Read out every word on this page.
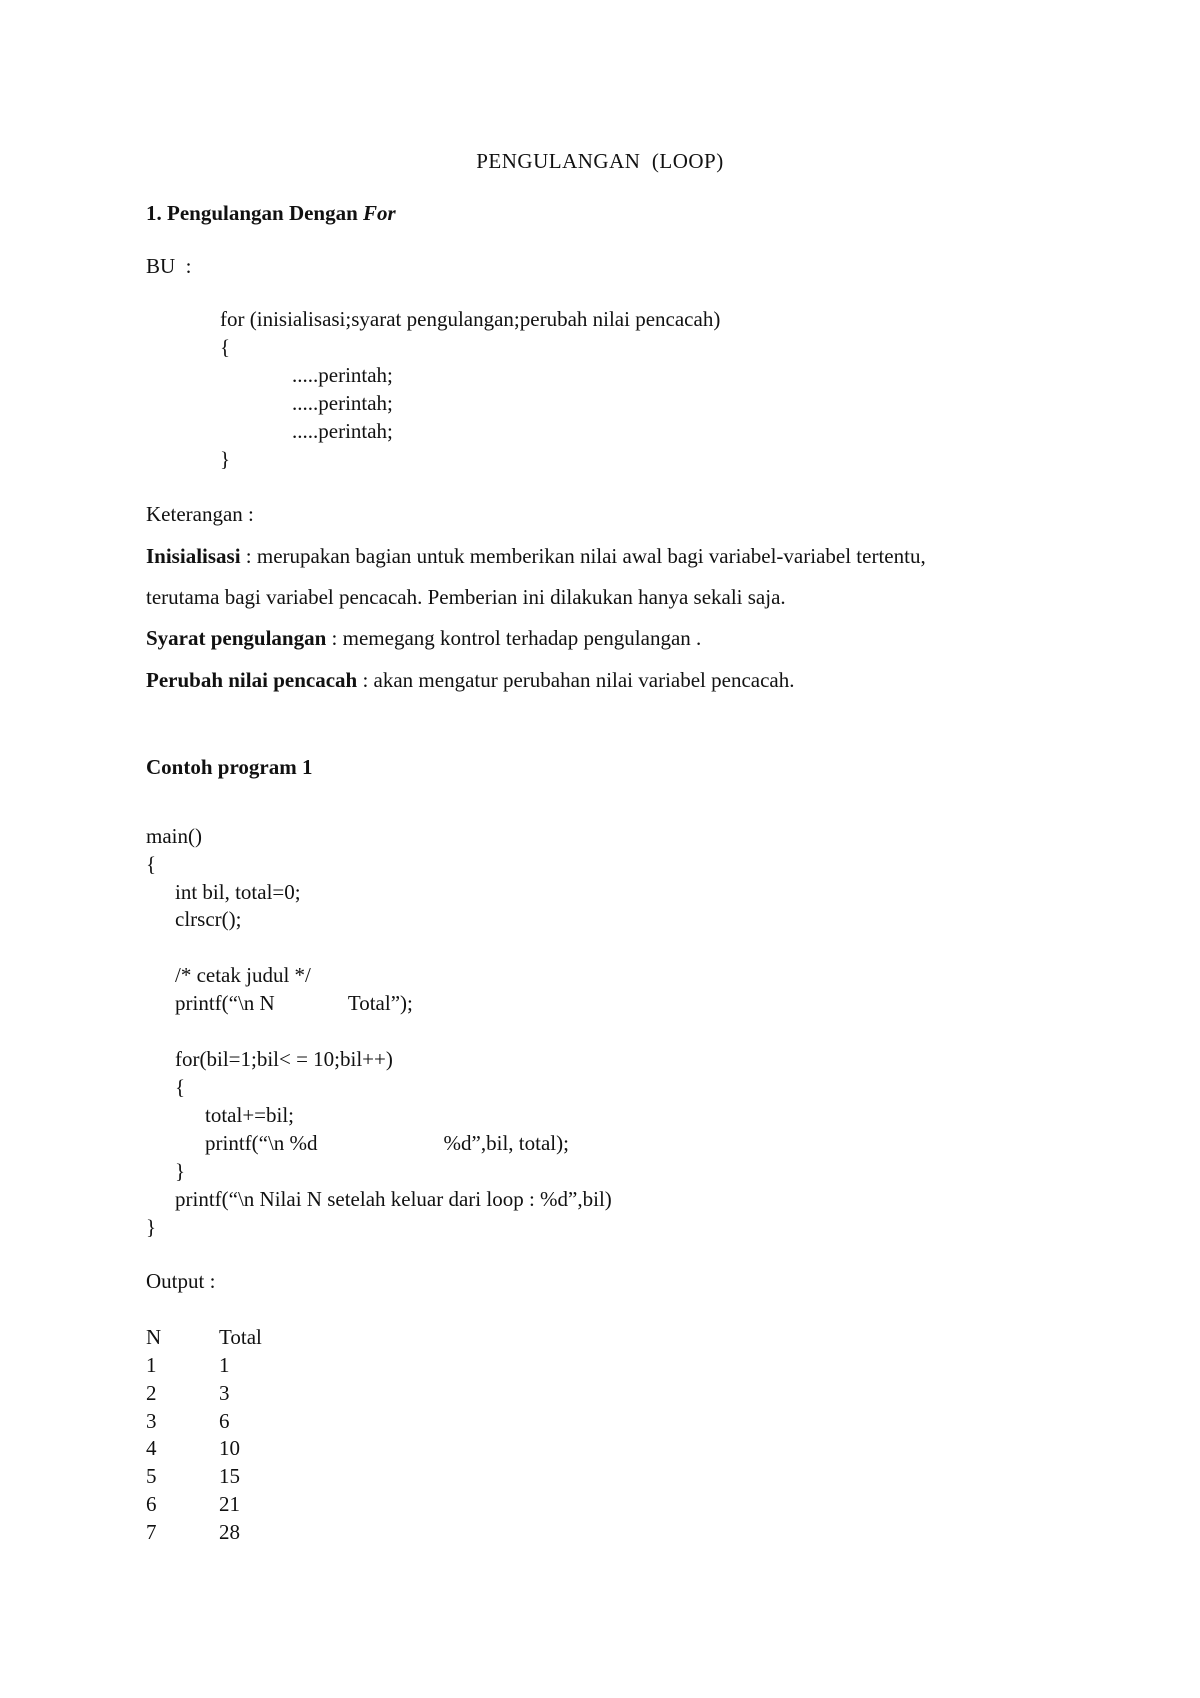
PENGULANGAN  (LOOP)
1. Pengulangan Dengan For
BU  :
for (inisialisasi;syarat pengulangan;perubah nilai pencacah)
{
.....perintah;
.....perintah;
.....perintah;
}
Keterangan :
Inisialisasi : merupakan bagian untuk memberikan nilai awal bagi variabel-variabel tertentu,
terutama bagi variabel pencacah. Pemberian ini dilakukan hanya sekali saja.
Syarat pengulangan : memegang kontrol terhadap pengulangan .
Perubah nilai pencacah : akan mengatur perubahan nilai variabel pencacah.
Contoh program 1
main()
{
int bil, total=0;
clrscr();
/* cetak judul */
printf(“\n N              Total”);
for(bil=1;bil< = 10;bil++)
{
total+=bil;
printf(“\n %d                        %d”,bil, total);
}
printf(“\n Nilai N setelah keluar dari loop : %d”,bil)
}
Output :
N	Total
1	1
2	3
3	6
4	10
5	15
6	21
7	28
